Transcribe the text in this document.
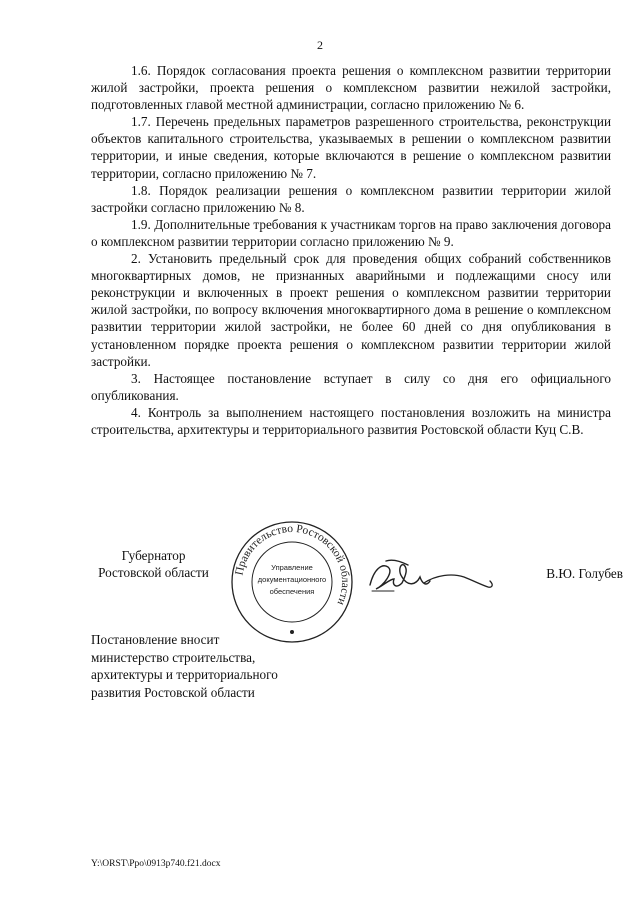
2

1.6. Порядок согласования проекта решения о комплексном развитии территории жилой застройки, проекта решения о комплексном развитии нежилой застройки, подготовленных главой местной администрации, согласно приложению № 6.

1.7. Перечень предельных параметров разрешенного строительства, реконструкции объектов капитального строительства, указываемых в решении о комплексном развитии территории, и иные сведения, которые включаются в решение о комплексном развитии территории, согласно приложению № 7.

1.8. Порядок реализации решения о комплексном развитии территории жилой застройки согласно приложению № 8.

1.9. Дополнительные требования к участникам торгов на право заключения договора о комплексном развитии территории согласно приложению № 9.

2. Установить предельный срок для проведения общих собраний собственников многоквартирных домов, не признанных аварийными и подлежащими сносу или реконструкции и включенных в проект решения о комплексном развитии территории жилой застройки, по вопросу включения многоквартирного дома в решение о комплексном развитии территории жилой застройки, не более 60 дней со дня опубликования в установленном порядке проекта решения о комплексном развитии территории жилой застройки.

3. Настоящее постановление вступает в силу со дня его официального опубликования.

4. Контроль за выполнением настоящего постановления возложить на министра строительства, архитектуры и территориального развития Ростовской области Куц С.В.

Губернатор
Ростовской области	В.Ю. Голубев
Правительство Ростовской области
Управление
документационного
обеспечения
Постановление вносит
министерство строительства,
архитектуры и территориального
развития Ростовской области
Y:\ORST\Ppo\0913p740.f21.docx
